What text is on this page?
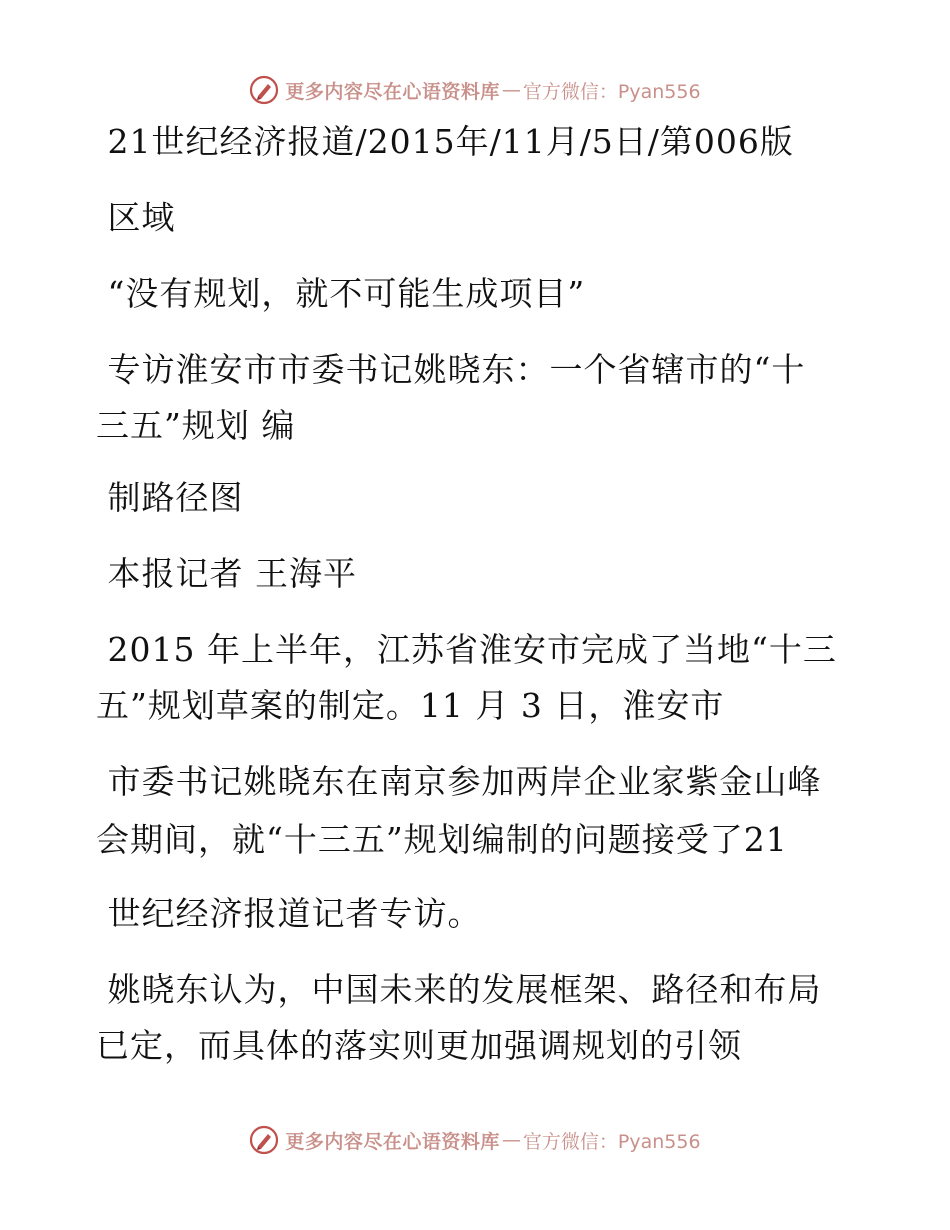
更多内容尽在心语资料库 — 官方微信：Pyan556
21世纪经济报道/2015年/11月/5日/第006版
区域
“没有规划，就不可能生成项目”
专访淮安市市委书记姚晓东：一个省辖市的“十
三五”规划 编
制路径图
本报记者 王海平
2015 年上半年，江苏省淮安市完成了当地“十三
五”规划草案的制定。11 月 3 日，淮安市
市委书记姚晓东在南京参加两岸企业家紫金山峰
会期间，就“十三五”规划编制的问题接受了21
世纪经济报道记者专访。
姚晓东认为，中国未来的发展框架、路径和布局
已定，而具体的落实则更加强调规划的引领
更多内容尽在心语资料库 — 官方微信：Pyan556
